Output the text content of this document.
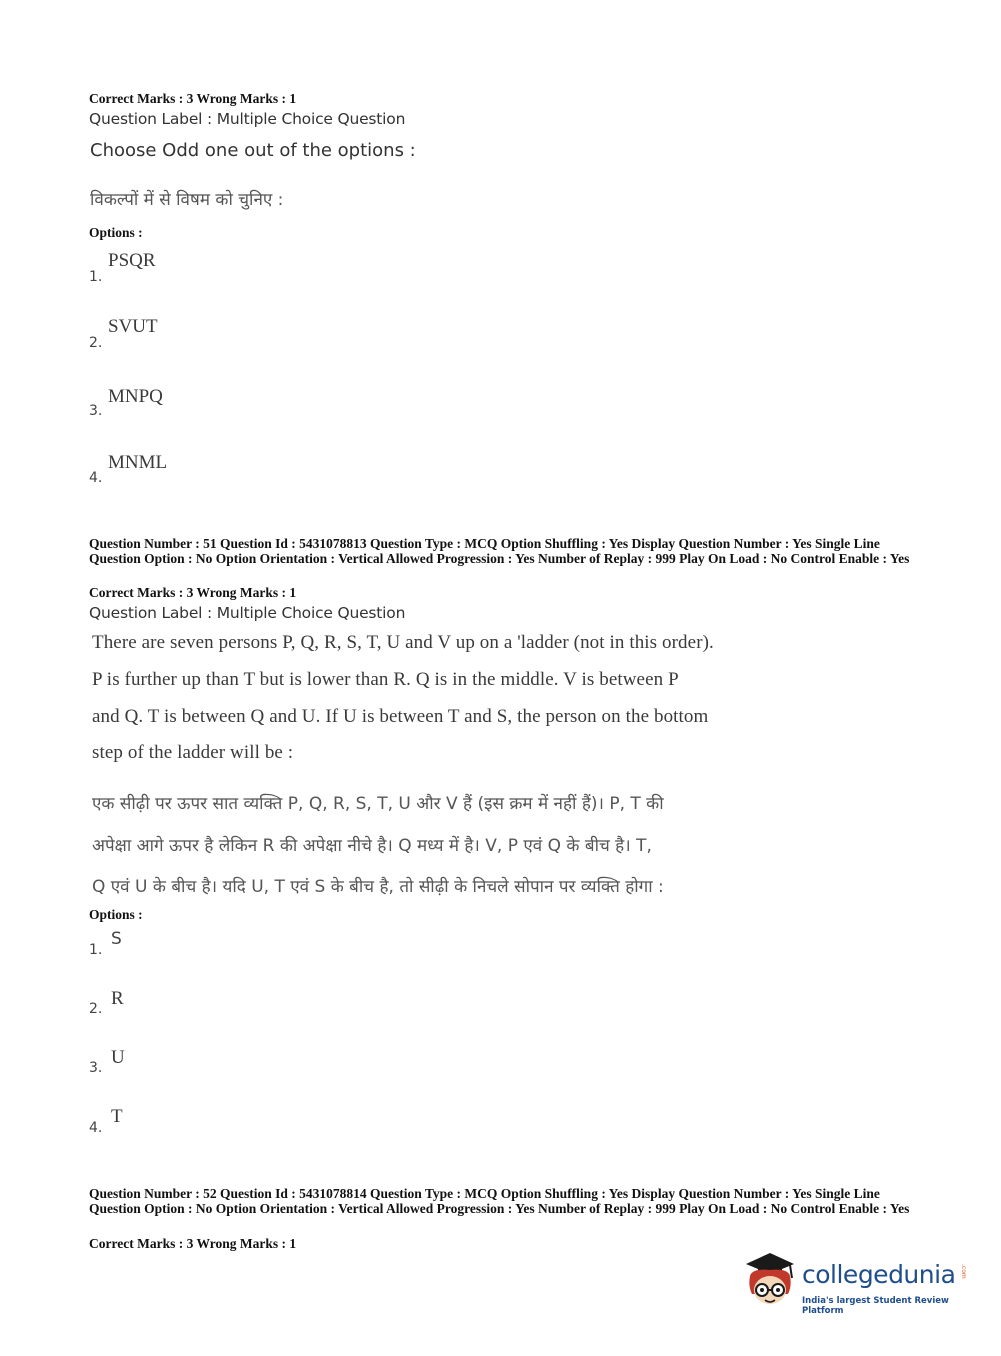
Correct Marks : 3 Wrong Marks : 1
Question Label : Multiple Choice Question
Choose Odd one out of the options :
विकल्पों में से विषम को चुनिए :
Options :
PSQR
1.
SVUT
2.
MNPQ
3.
MNML
4.
Question Number : 51 Question Id : 5431078813 Question Type : MCQ Option Shuffling : Yes Display Question Number : Yes Single Line Question Option : No Option Orientation : Vertical Allowed Progression : Yes Number of Replay : 999 Play On Load : No Control Enable : Yes
Correct Marks : 3 Wrong Marks : 1
Question Label : Multiple Choice Question
There are seven persons P, Q, R, S, T, U and V up on a 'ladder (not in this order).
P is further up than T but is lower than R. Q is in the middle. V is between P
and Q. T is between Q and U. If U is between T and S, the person on the bottom
step of the ladder will be :
एक सीढ़ी पर ऊपर सात व्यक्ति P, Q, R, S, T, U और V हैं (इस क्रम में नहीं हैं)। P, T की
अपेक्षा आगे ऊपर है लेकिन R की अपेक्षा नीचे है। Q मध्य में है। V, P एवं Q के बीच है। T,
Q एवं U के बीच है। यदि U, T एवं S के बीच है, तो सीढ़ी के निचले सोपान पर व्यक्ति होगा :
Options :
S
1.
R
2.
U
3.
T
4.
Question Number : 52 Question Id : 5431078814 Question Type : MCQ Option Shuffling : Yes Display Question Number : Yes Single Line Question Option : No Option Orientation : Vertical Allowed Progression : Yes Number of Replay : 999 Play On Load : No Control Enable : Yes
Correct Marks : 3 Wrong Marks : 1
collegedunia .com
India's largest Student Review Platform
